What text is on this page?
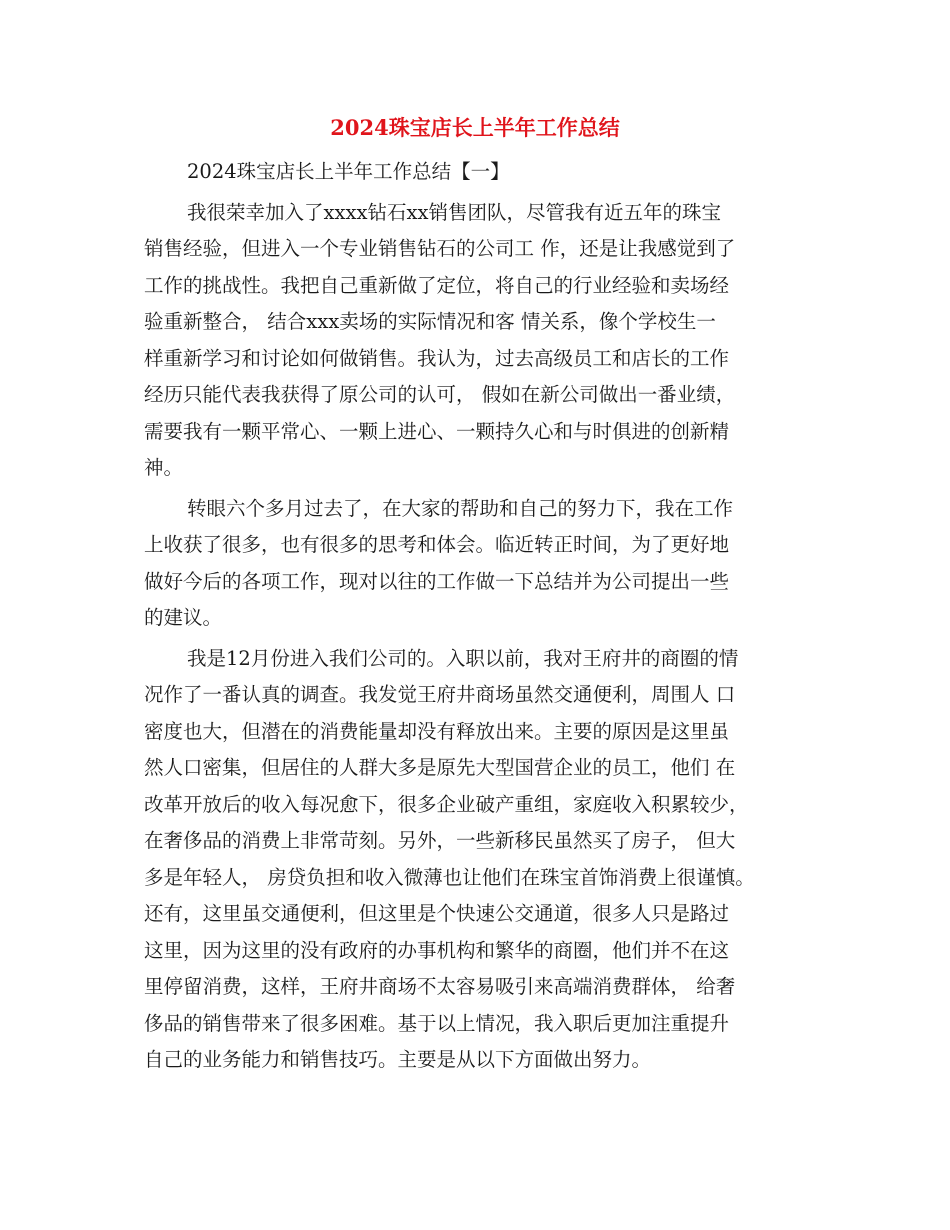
2024珠宝店长上半年工作总结
2024珠宝店长上半年工作总结【一】
我很荣幸加入了xxxx钻石xx销售团队，尽管我有近五年的珠宝
销售经验，但进入一个专业销售钻石的公司工 作，还是让我感觉到了
工作的挑战性。我把自己重新做了定位，将自己的行业经验和卖场经
验重新整合， 结合xxx卖场的实际情况和客 情关系，像个学校生一
样重新学习和讨论如何做销售。我认为，过去高级员工和店长的工作
经历只能代表我获得了原公司的认可， 假如在新公司做出一番业绩，
需要我有一颗平常心、一颗上进心、一颗持久心和与时俱进的创新精
神。
转眼六个多月过去了，在大家的帮助和自己的努力下，我在工作
上收获了很多，也有很多的思考和体会。临近转正时间，为了更好地
做好今后的各项工作，现对以往的工作做一下总结并为公司提出一些
的建议。
我是12月份进入我们公司的。入职以前，我对王府井的商圈的情
况作了一番认真的调查。我发觉王府井商场虽然交通便利，周围人 口
密度也大，但潜在的消费能量却没有释放出来。主要的原因是这里虽
然人口密集，但居住的人群大多是原先大型国营企业的员工，他们 在
改革开放后的收入每况愈下，很多企业破产重组，家庭收入积累较少，
在奢侈品的消费上非常苛刻。另外，一些新移民虽然买了房子， 但大
多是年轻人， 房贷负担和收入微薄也让他们在珠宝首饰消费上很谨慎。
还有，这里虽交通便利，但这里是个快速公交通道，很多人只是路过
这里，因为这里的没有政府的办事机构和繁华的商圈，他们并不在这
里停留消费，这样，王府井商场不太容易吸引来高端消费群体， 给奢
侈品的销售带来了很多困难。基于以上情况，我入职后更加注重提升
自己的业务能力和销售技巧。主要是从以下方面做出努力。
